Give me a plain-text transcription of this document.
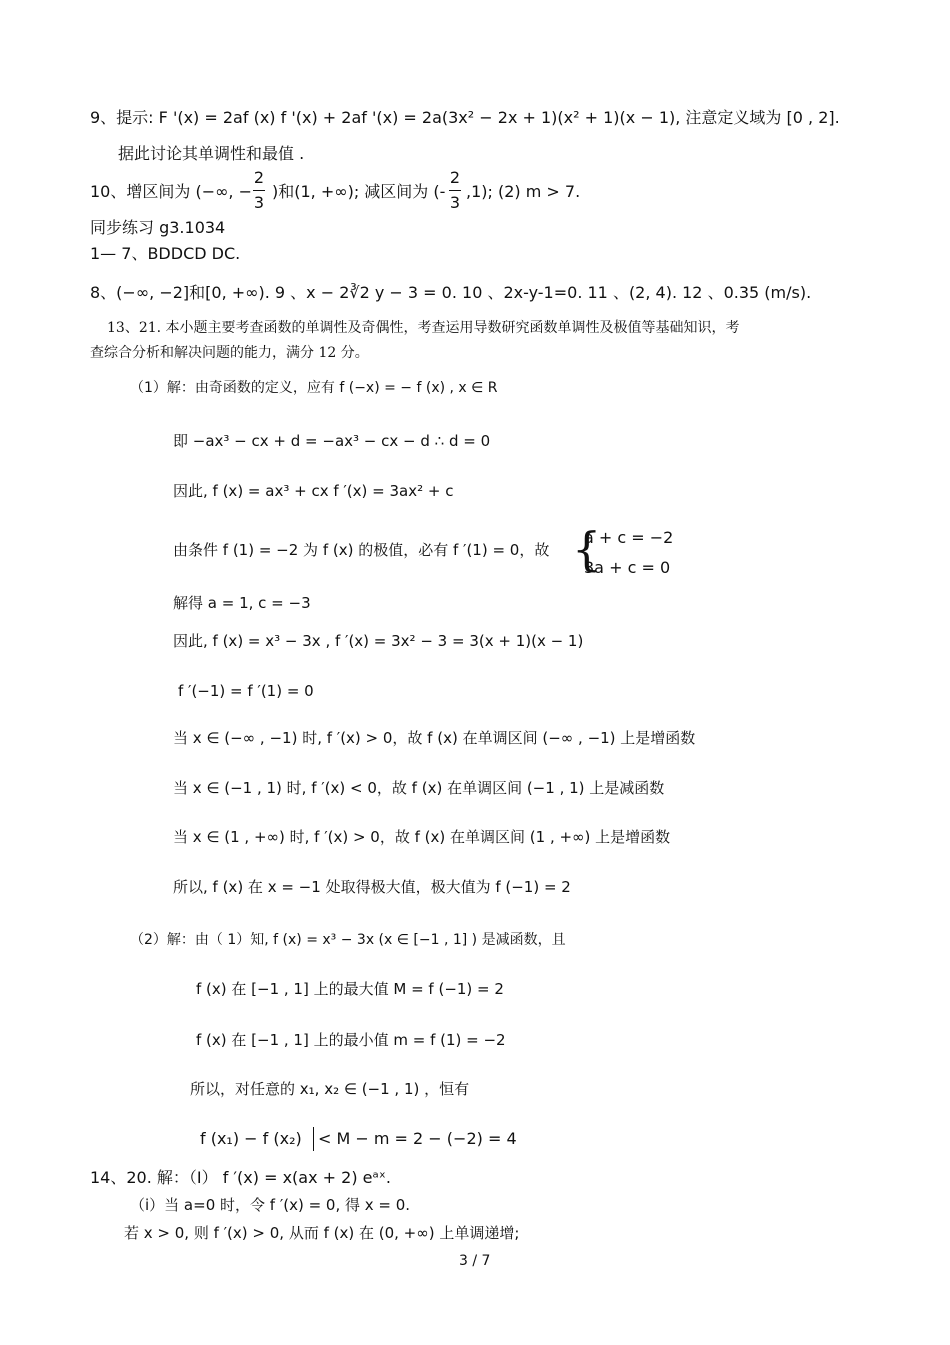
9、提示: F '(x) = 2af (x) f '(x) + 2af '(x) = 2a(3x² − 2x + 1)(x² + 1)(x − 1), 注意定义域为 [0 , 2].
据此讨论其单调性和最值 .
10、增区间为 (−∞, −
2
3
)和(1, +∞); 减区间为 (-
2
3
,1); (2) m > 7.
同步练习 g3.1034
1— 7、BDDCD DC.
8、(−∞, −2]和[0, +∞). 9 、x − 2∛2 y − 3 = 0. 10 、2x-y-1=0. 11 、(2, 4). 12 、0.35 (m/s).
13、21. 本小题主要考查函数的单调性及奇偶性，考查运用导数研究函数单调性及极值等基础知识，考
查综合分析和解决问题的能力，满分 12 分。
（1）解：由奇函数的定义，应有 f (−x) = − f (x) , x ∈ R
即 −ax³ − cx + d = −ax³ − cx − d ∴ d = 0
因此, f (x) = ax³ + cx f ′(x) = 3ax² + c
由条件 f (1) = −2 为 f (x) 的极值，必有 f ′(1) = 0，故 {
a + c = −2
3a + c = 0
解得 a = 1, c = −3
因此, f (x) = x³ − 3x , f ′(x) = 3x² − 3 = 3(x + 1)(x − 1)
f ′(−1) = f ′(1) = 0
当 x ∈ (−∞ , −1) 时, f ′(x) > 0，故 f (x) 在单调区间 (−∞ , −1) 上是增函数
当 x ∈ (−1 , 1) 时, f ′(x) < 0，故 f (x) 在单调区间 (−1 , 1) 上是减函数
当 x ∈ (1 , +∞) 时, f ′(x) > 0，故 f (x) 在单调区间 (1 , +∞) 上是增函数
所以, f (x) 在 x = −1 处取得极大值，极大值为 f (−1) = 2
（2）解：由（ 1）知, f (x) = x³ − 3x (x ∈ [−1 , 1] ) 是减函数，且
f (x) 在 [−1 , 1] 上的最大值 M = f (−1) = 2
f (x) 在 [−1 , 1] 上的最小值 m = f (1) = −2
所以，对任意的 x₁, x₂ ∈ (−1 , 1) ，恒有
f (x₁) − f (x₂) < M − m = 2 − (−2) = 4
14、20. 解：（Ⅰ） f ′(x) = x(ax + 2) eᵃˣ.
（i）当 a=0 时，令 f ′(x) = 0, 得 x = 0.
若 x > 0, 则 f ′(x) > 0, 从而 f (x) 在 (0, +∞) 上单调递增;
3 / 7
